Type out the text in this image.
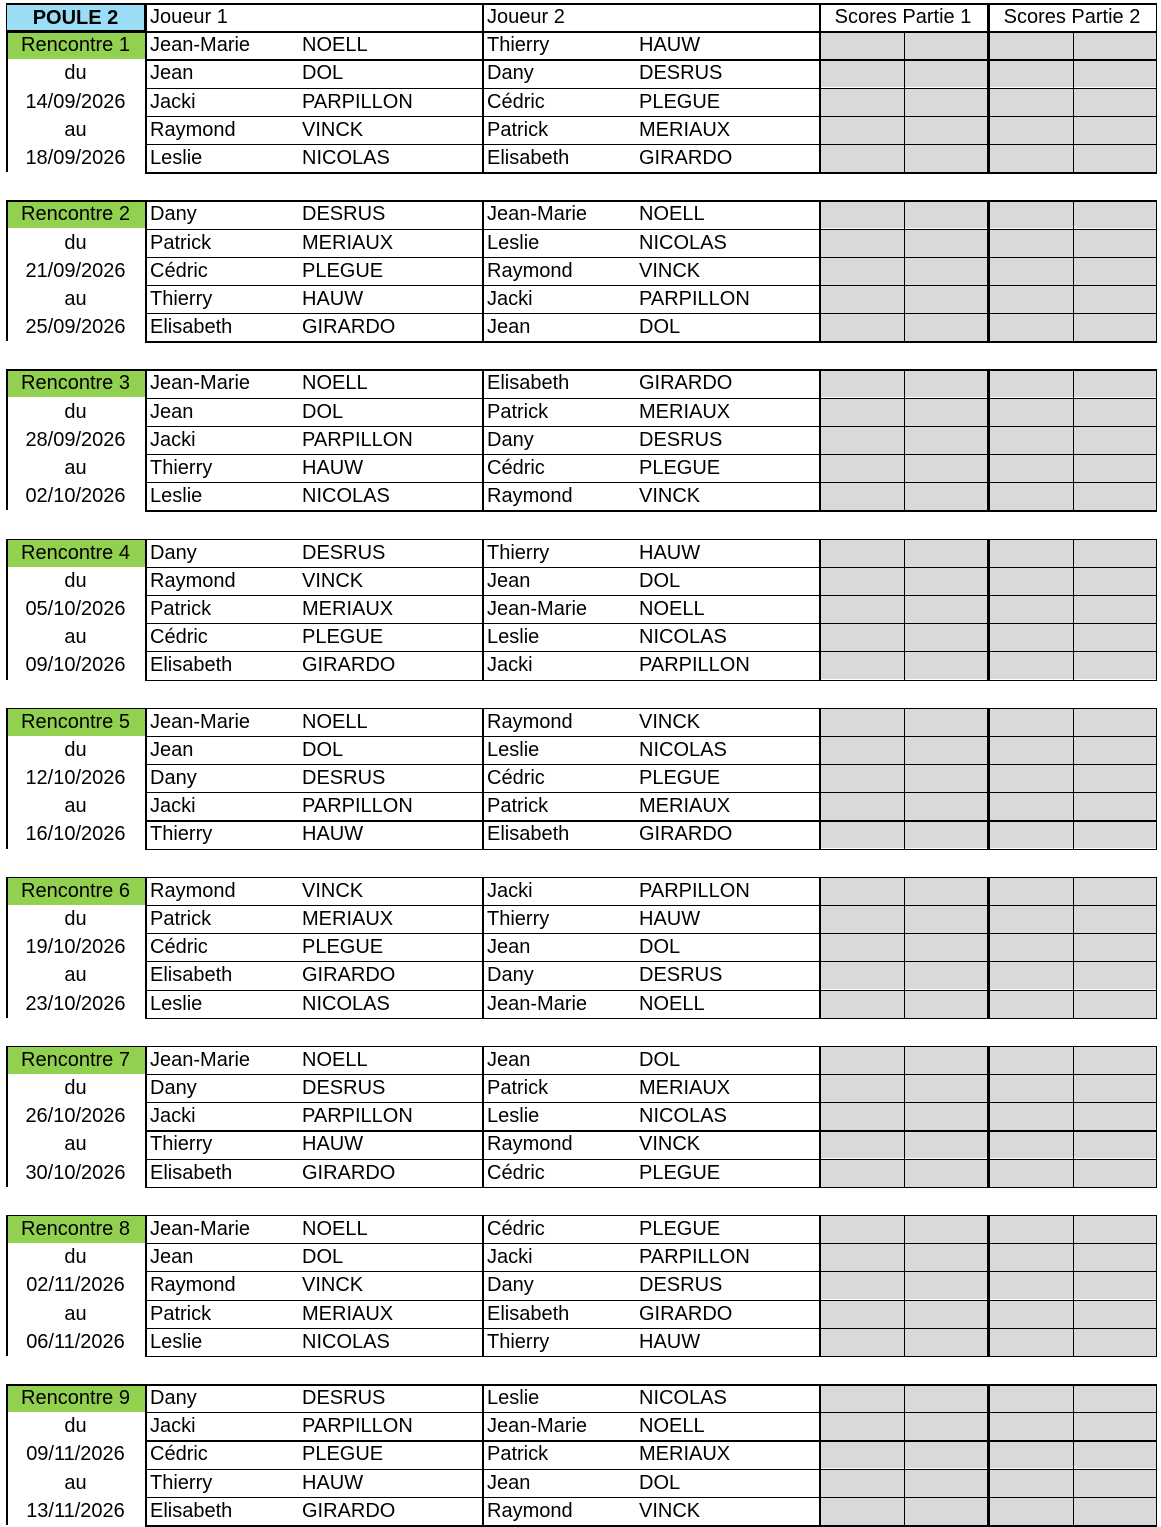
POULE 2	Joueur 1	Joueur 2	Scores Partie 1	Scores Partie 2
Rencontre 1	Jean-Marie	NOELL	Thierry	HAUW
du	Jean	DOL	Dany	DESRUS
14/09/2026	Jacki	PARPILLON	Cédric	PLEGUE
au	Raymond	VINCK	Patrick	MERIAUX
18/09/2026	Leslie	NICOLAS	Elisabeth	GIRARDO
Rencontre 2	Dany	DESRUS	Jean-Marie	NOELL
du	Patrick	MERIAUX	Leslie	NICOLAS
21/09/2026	Cédric	PLEGUE	Raymond	VINCK
au	Thierry	HAUW	Jacki	PARPILLON
25/09/2026	Elisabeth	GIRARDO	Jean	DOL
Rencontre 3	Jean-Marie	NOELL	Elisabeth	GIRARDO
du	Jean	DOL	Patrick	MERIAUX
28/09/2026	Jacki	PARPILLON	Dany	DESRUS
au	Thierry	HAUW	Cédric	PLEGUE
02/10/2026	Leslie	NICOLAS	Raymond	VINCK
Rencontre 4	Dany	DESRUS	Thierry	HAUW
du	Raymond	VINCK	Jean	DOL
05/10/2026	Patrick	MERIAUX	Jean-Marie	NOELL
au	Cédric	PLEGUE	Leslie	NICOLAS
09/10/2026	Elisabeth	GIRARDO	Jacki	PARPILLON
Rencontre 5	Jean-Marie	NOELL	Raymond	VINCK
du	Jean	DOL	Leslie	NICOLAS
12/10/2026	Dany	DESRUS	Cédric	PLEGUE
au	Jacki	PARPILLON	Patrick	MERIAUX
16/10/2026	Thierry	HAUW	Elisabeth	GIRARDO
Rencontre 6	Raymond	VINCK	Jacki	PARPILLON
du	Patrick	MERIAUX	Thierry	HAUW
19/10/2026	Cédric	PLEGUE	Jean	DOL
au	Elisabeth	GIRARDO	Dany	DESRUS
23/10/2026	Leslie	NICOLAS	Jean-Marie	NOELL
Rencontre 7	Jean-Marie	NOELL	Jean	DOL
du	Dany	DESRUS	Patrick	MERIAUX
26/10/2026	Jacki	PARPILLON	Leslie	NICOLAS
au	Thierry	HAUW	Raymond	VINCK
30/10/2026	Elisabeth	GIRARDO	Cédric	PLEGUE
Rencontre 8	Jean-Marie	NOELL	Cédric	PLEGUE
du	Jean	DOL	Jacki	PARPILLON
02/11/2026	Raymond	VINCK	Dany	DESRUS
au	Patrick	MERIAUX	Elisabeth	GIRARDO
06/11/2026	Leslie	NICOLAS	Thierry	HAUW
Rencontre 9	Dany	DESRUS	Leslie	NICOLAS
du	Jacki	PARPILLON	Jean-Marie	NOELL
09/11/2026	Cédric	PLEGUE	Patrick	MERIAUX
au	Thierry	HAUW	Jean	DOL
13/11/2026	Elisabeth	GIRARDO	Raymond	VINCK
